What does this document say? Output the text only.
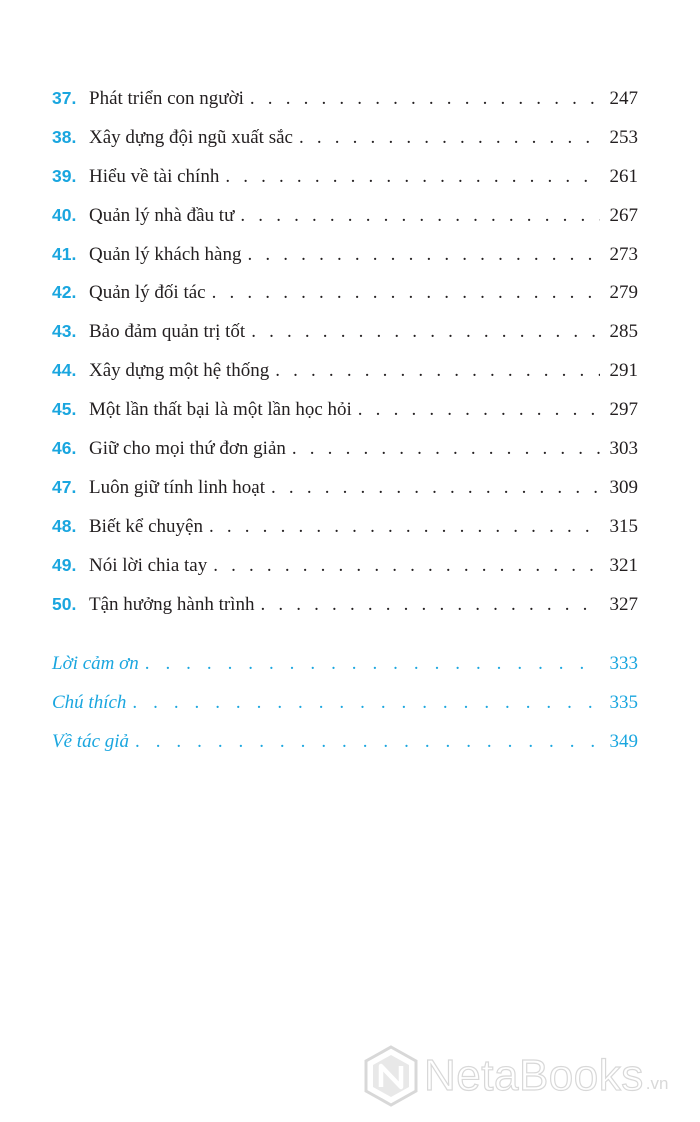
37. Phát triển con người . . .	247
38. Xây dựng đội ngũ xuất sắc . . .	253
39. Hiểu về tài chính . . .	261
40. Quản lý nhà đầu tư . . .	267
41. Quản lý khách hàng . . .	273
42. Quản lý đối tác . . .	279
43. Bảo đảm quản trị tốt . . .	285
44. Xây dựng một hệ thống . . .	291
45. Một lần thất bại là một lần học hỏi . . .	297
46. Giữ cho mọi thứ đơn giản . . .	303
47. Luôn giữ tính linh hoạt . . .	309
48. Biết kể chuyện . . .	315
49. Nói lời chia tay . . .	321
50. Tận hưởng hành trình . . .	327
Lời cảm ơn . . .	333
Chú thích . . .	335
Về tác giả . . .	349
NetaBooks .vn
